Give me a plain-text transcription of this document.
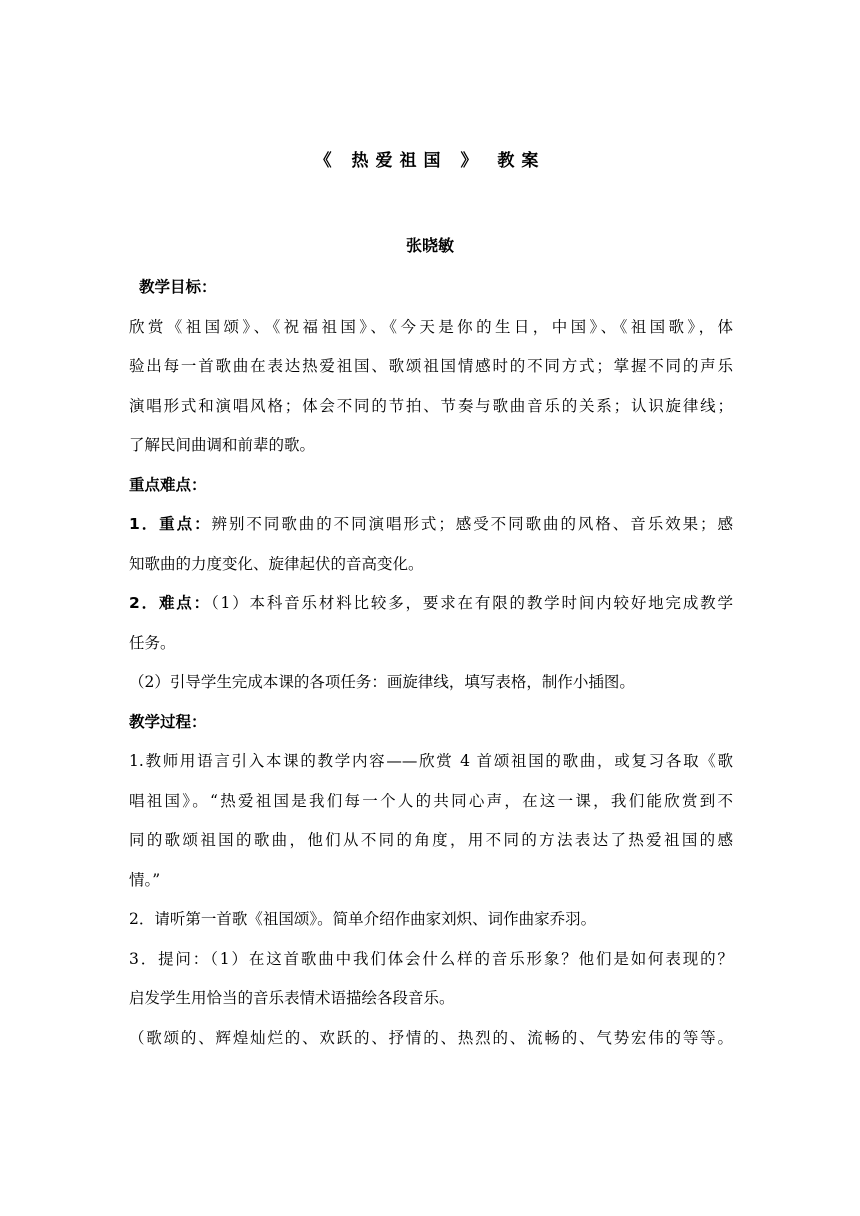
《 热爱祖国 》 教案
张晓敏
教学目标：
欣赏《祖国颂》、《祝福祖国》、《今天是你的生日，中国》、《祖国歌》，体
验出每一首歌曲在表达热爱祖国、歌颂祖国情感时的不同方式；掌握不同的声乐
演唱形式和演唱风格；体会不同的节拍、节奏与歌曲音乐的关系；认识旋律线；
了解民间曲调和前辈的歌。
重点难点：
1．重点：辨别不同歌曲的不同演唱形式；感受不同歌曲的风格、音乐效果；感
知歌曲的力度变化、旋律起伏的音高变化。
2．难点：（1）本科音乐材料比较多，要求在有限的教学时间内较好地完成教学
任务。
（2）引导学生完成本课的各项任务：画旋律线，填写表格，制作小插图。
教学过程：
1.教师用语言引入本课的教学内容——欣赏 4 首颂祖国的歌曲，或复习各取《歌
唱祖国》。“热爱祖国是我们每一个人的共同心声，在这一课，我们能欣赏到不
同的歌颂祖国的歌曲，他们从不同的角度，用不同的方法表达了热爱祖国的感
情。”
2．请听第一首歌《祖国颂》。简单介绍作曲家刘炽、词作曲家乔羽。
3．提问：（1）在这首歌曲中我们体会什么样的音乐形象？他们是如何表现的？
启发学生用恰当的音乐表情术语描绘各段音乐。
（歌颂的、辉煌灿烂的、欢跃的、抒情的、热烈的、流畅的、气势宏伟的等等。
